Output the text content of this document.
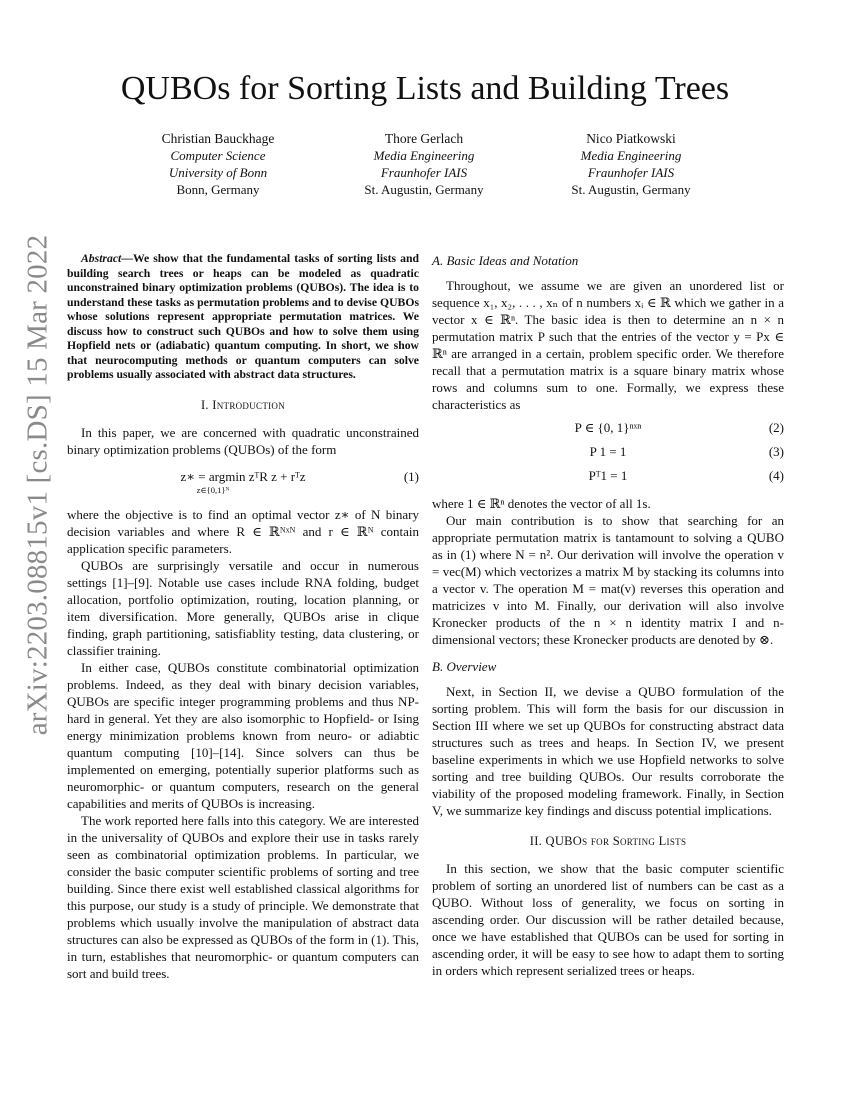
arXiv:2203.08815v1 [cs.DS] 15 Mar 2022
QUBOs for Sorting Lists and Building Trees
Christian Bauckhage
Computer Science
University of Bonn
Bonn, Germany
Thore Gerlach
Media Engineering
Fraunhofer IAIS
St. Augustin, Germany
Nico Piatkowski
Media Engineering
Fraunhofer IAIS
St. Augustin, Germany

Abstract—We show that the fundamental tasks of sorting lists and building search trees or heaps can be modeled as quadratic unconstrained binary optimization problems (QUBOs). The idea is to understand these tasks as permutation problems and to devise QUBOs whose solutions represent appropriate permutation matrices. We discuss how to construct such QUBOs and how to solve them using Hopfield nets or (adiabatic) quantum computing. In short, we show that neurocomputing methods or quantum computers can solve problems usually associated with abstract data structures.

I. Introduction

In this paper, we are concerned with quadratic unconstrained binary optimization problems (QUBOs) of the form

z∗ = argmin zᵀR z + rᵀz
z∈{0,1}ᴺ
(1)

where the objective is to find an optimal vector z∗ of N binary decision variables and where R ∈ ℝᴺˣᴺ and r ∈ ℝᴺ contain application specific parameters.

QUBOs are surprisingly versatile and occur in numerous settings [1]–[9]. Notable use cases include RNA folding, budget allocation, portfolio optimization, routing, location planning, or item diversification. More generally, QUBOs arise in clique finding, graph partitioning, satisfiablity testing, data clustering, or classifier training.

In either case, QUBOs constitute combinatorial optimization problems. Indeed, as they deal with binary decision variables, QUBOs are specific integer programming problems and thus NP-hard in general. Yet they are also isomorphic to Hopfield- or Ising energy minimization problems known from neuro- or adiabtic quantum computing [10]–[14]. Since solvers can thus be implemented on emerging, potentially superior platforms such as neuromorphic- or quantum computers, research on the general capabilities and merits of QUBOs is increasing.

The work reported here falls into this category. We are interested in the universality of QUBOs and explore their use in tasks rarely seen as combinatorial optimization problems. In particular, we consider the basic computer scientific problems of sorting and tree building. Since there exist well established classical algorithms for this purpose, our study is a study of principle. We demonstrate that problems which usually involve the manipulation of abstract data structures can also be expressed as QUBOs of the form in (1). This, in turn, establishes that neuromorphic- or quantum computers can sort and build trees.

A. Basic Ideas and Notation

Throughout, we assume we are given an unordered list or sequence x₁, x₂, . . . , xₙ of n numbers xᵢ ∈ ℝ which we gather in a vector x ∈ ℝⁿ. The basic idea is then to determine an n × n permutation matrix P such that the entries of the vector y = Px ∈ ℝⁿ are arranged in a certain, problem specific order. We therefore recall that a permutation matrix is a square binary matrix whose rows and columns sum to one. Formally, we express these characteristics as

P ∈ {0, 1}ⁿˣⁿ	(2)
P 1 = 1	(3)
Pᵀ1 = 1	(4)

where 1 ∈ ℝⁿ denotes the vector of all 1s.

Our main contribution is to show that searching for an appropriate permutation matrix is tantamount to solving a QUBO as in (1) where N = n². Our derivation will involve the operation v = vec(M) which vectorizes a matrix M by stacking its columns into a vector v. The operation M = mat(v) reverses this operation and matricizes v into M. Finally, our derivation will also involve Kronecker products of the n × n identity matrix I and n-dimensional vectors; these Kronecker products are denoted by ⊗.

B. Overview

Next, in Section II, we devise a QUBO formulation of the sorting problem. This will form the basis for our discussion in Section III where we set up QUBOs for constructing abstract data structures such as trees and heaps. In Section IV, we present baseline experiments in which we use Hopfield networks to solve sorting and tree building QUBOs. Our results corroborate the viability of the proposed modeling framework. Finally, in Section V, we summarize key findings and discuss potential implications.

II. QUBOs for Sorting Lists

In this section, we show that the basic computer scientific problem of sorting an unordered list of numbers can be cast as a QUBO. Without loss of generality, we focus on sorting in ascending order. Our discussion will be rather detailed because, once we have established that QUBOs can be used for sorting in ascending order, it will be easy to see how to adapt them to sorting in orders which represent serialized trees or heaps.
